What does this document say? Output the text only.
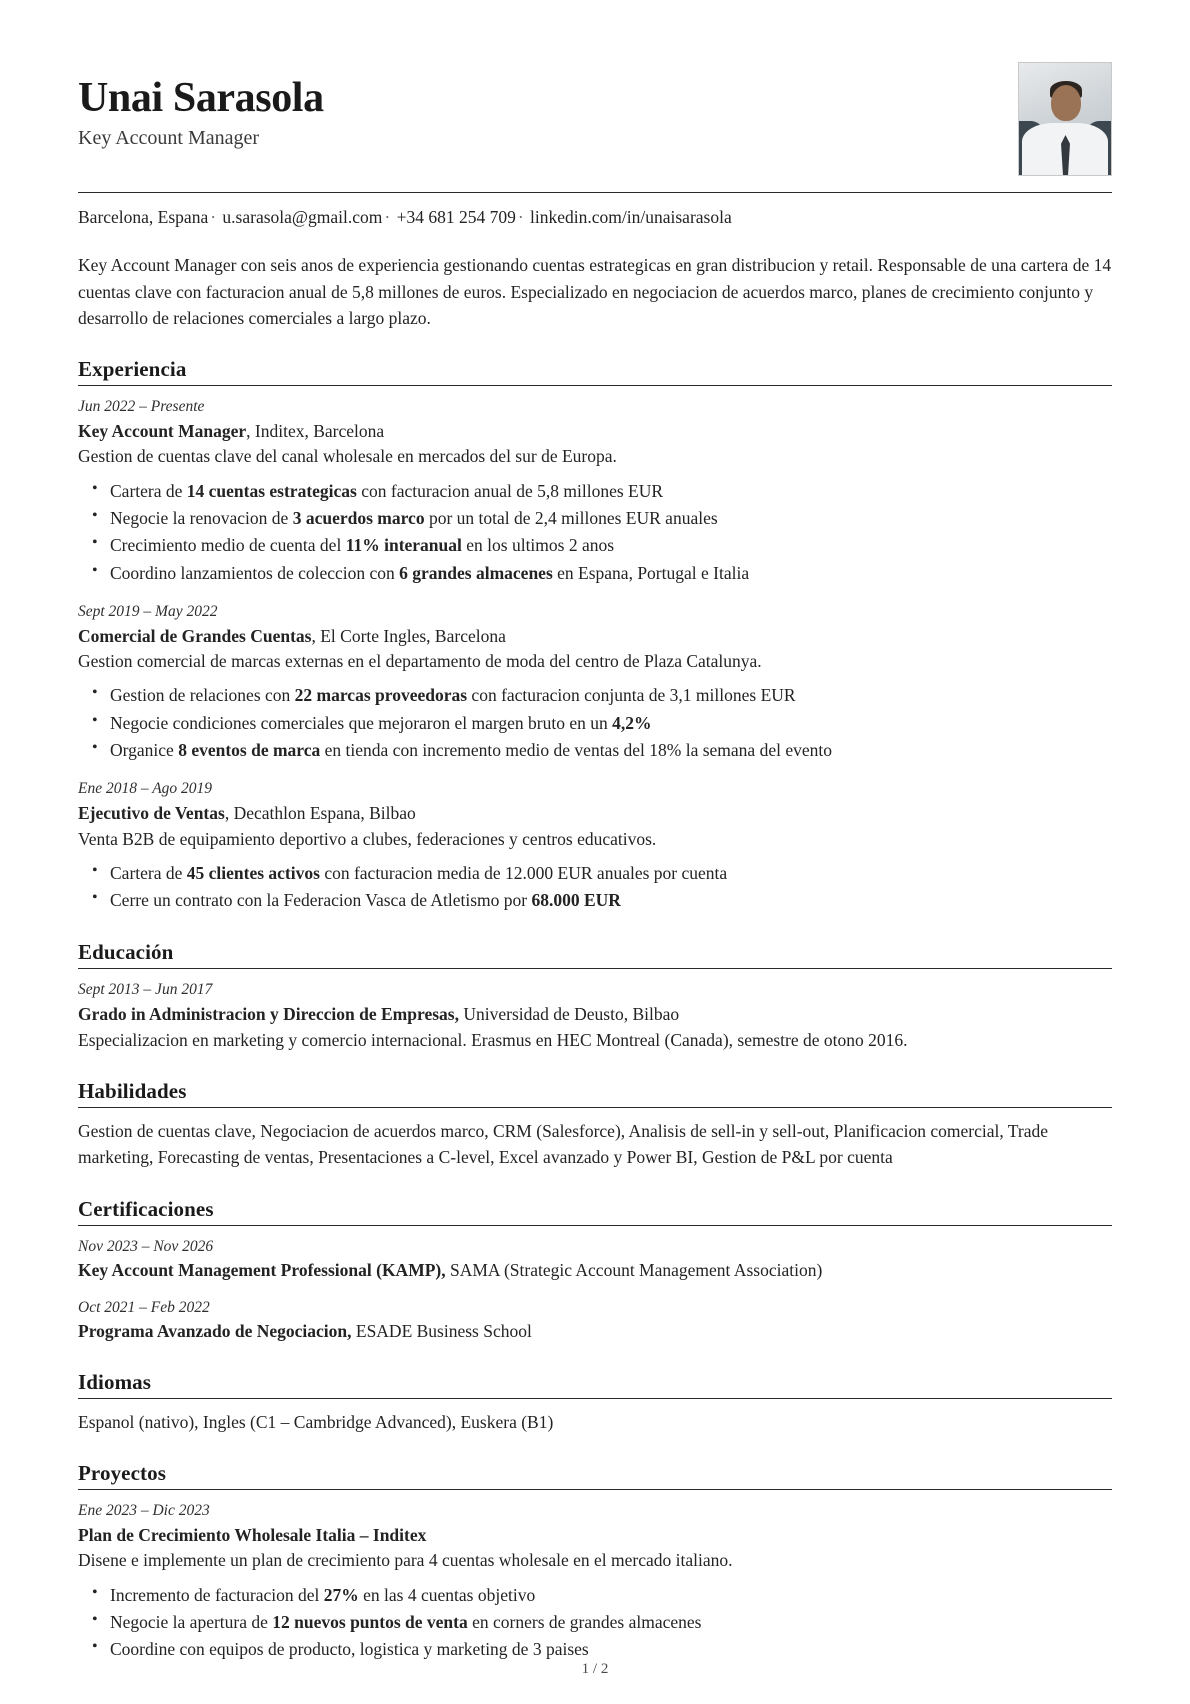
Unai Sarasola
Key Account Manager
Barcelona, Espana · u.sarasola@gmail.com · +34 681 254 709 · linkedin.com/in/unaisarasola

Key Account Manager con seis anos de experiencia gestionando cuentas estrategicas en gran distribucion y retail. Responsable de una cartera de 14 cuentas clave con facturacion anual de 5,8 millones de euros. Especializado en negociacion de acuerdos marco, planes de crecimiento conjunto y desarrollo de relaciones comerciales a largo plazo.

Experiencia
Jun 2022 – Presente
Key Account Manager, Inditex, Barcelona
Gestion de cuentas clave del canal wholesale en mercados del sur de Europa.
• Cartera de 14 cuentas estrategicas con facturacion anual de 5,8 millones EUR
• Negocie la renovacion de 3 acuerdos marco por un total de 2,4 millones EUR anuales
• Crecimiento medio de cuenta del 11% interanual en los ultimos 2 anos
• Coordino lanzamientos de coleccion con 6 grandes almacenes en Espana, Portugal e Italia
Sept 2019 – May 2022
Comercial de Grandes Cuentas, El Corte Ingles, Barcelona
Gestion comercial de marcas externas en el departamento de moda del centro de Plaza Catalunya.
• Gestion de relaciones con 22 marcas proveedoras con facturacion conjunta de 3,1 millones EUR
• Negocie condiciones comerciales que mejoraron el margen bruto en un 4,2%
• Organice 8 eventos de marca en tienda con incremento medio de ventas del 18% la semana del evento
Ene 2018 – Ago 2019
Ejecutivo de Ventas, Decathlon Espana, Bilbao
Venta B2B de equipamiento deportivo a clubes, federaciones y centros educativos.
• Cartera de 45 clientes activos con facturacion media de 12.000 EUR anuales por cuenta
• Cerre un contrato con la Federacion Vasca de Atletismo por 68.000 EUR
Educación
Sept 2013 – Jun 2017
Grado in Administracion y Direccion de Empresas, Universidad de Deusto, Bilbao
Especializacion en marketing y comercio internacional. Erasmus en HEC Montreal (Canada), semestre de otono 2016.
Habilidades
Gestion de cuentas clave, Negociacion de acuerdos marco, CRM (Salesforce), Analisis de sell-in y sell-out, Planificacion comercial, Trade marketing, Forecasting de ventas, Presentaciones a C-level, Excel avanzado y Power BI, Gestion de P&L por cuenta
Certificaciones
Nov 2023 – Nov 2026
Key Account Management Professional (KAMP), SAMA (Strategic Account Management Association)
Oct 2021 – Feb 2022
Programa Avanzado de Negociacion, ESADE Business School
Idiomas
Espanol (nativo), Ingles (C1 – Cambridge Advanced), Euskera (B1)
Proyectos
Ene 2023 – Dic 2023
Plan de Crecimiento Wholesale Italia – Inditex
Disene e implemente un plan de crecimiento para 4 cuentas wholesale en el mercado italiano.
• Incremento de facturacion del 27% en las 4 cuentas objetivo
• Negocie la apertura de 12 nuevos puntos de venta en corners de grandes almacenes
• Coordine con equipos de producto, logistica y marketing de 3 paises
1 / 2
